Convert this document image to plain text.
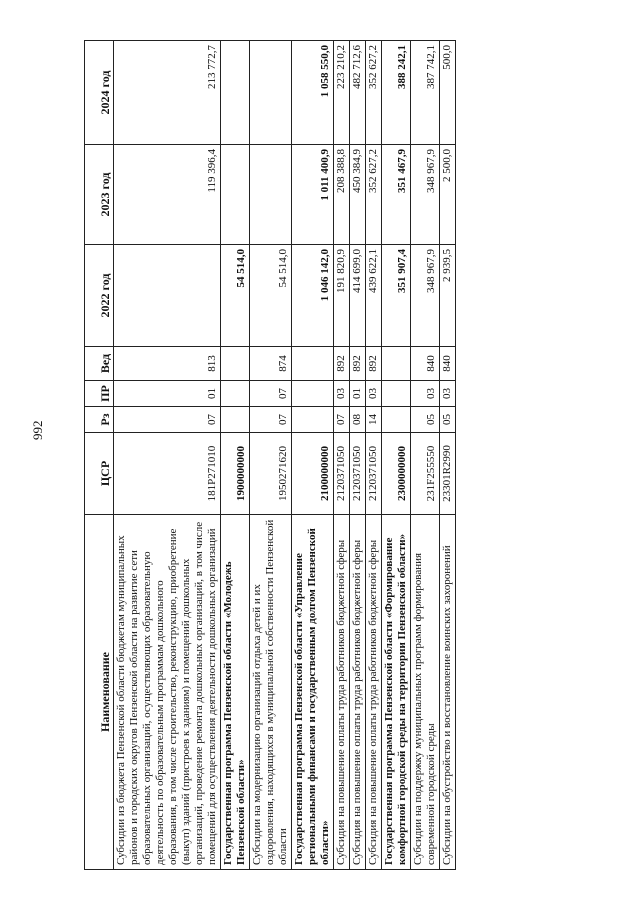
992
Наименование	ЦСР	Рз	ПР	Вед	2022 год	2023 год	2024 год
Субсидии из бюджета Пензенской области бюджетам муниципальных районов и городских округов Пензенской области на развитие сети образовательных организаций, осуществляющих образовательную деятельность по образовательным программам дошкольного образования, в том числе строительство, реконструкцию, приобретение (выкуп) зданий (пристроев к зданиям) и помещений дошкольных организаций, проведение ремонта дошкольных организаций, в том числе помещений для осуществления деятельности дошкольных организаций	181P271010	07	01	813		119 396,4	213 772,7
Государственная программа Пензенской области «Молодежь Пензенской области»	1900000000				54 514,0		
Субсидии на модернизацию организаций отдыха детей и их оздоровления, находящихся в муниципальной собственности Пензенской области	1950271620	07	07	874	54 514,0		
Государственная программа Пензенской области «Управление региональными финансами и государственным долгом Пензенской области»	2100000000				1 046 142,0	1 011 400,9	1 058 550,0
Субсидия на повышение оплаты труда работников бюджетной сферы	2120371050	07	03	892	191 820,9	208 388,8	223 210,2
Субсидия на повышение оплаты труда работников бюджетной сферы	2120371050	08	01	892	414 699,0	450 384,9	482 712,6
Субсидия на повышение оплаты труда работников бюджетной сферы	2120371050	14	03	892	439 622,1	352 627,2	352 627,2
Государственная программа Пензенской области «Формирование комфортной городской среды на территории Пензенской области»	2300000000				351 907,4	351 467,9	388 242,1
Субсидии на поддержку муниципальных программ формирования современной городской среды	231F255550	05	03	840	348 967,9	348 967,9	387 742,1
Субсидии на обустройство и восстановление воинских захоронений	23301R2990	05	03	840	2 939,5	2 500,0	500,0
